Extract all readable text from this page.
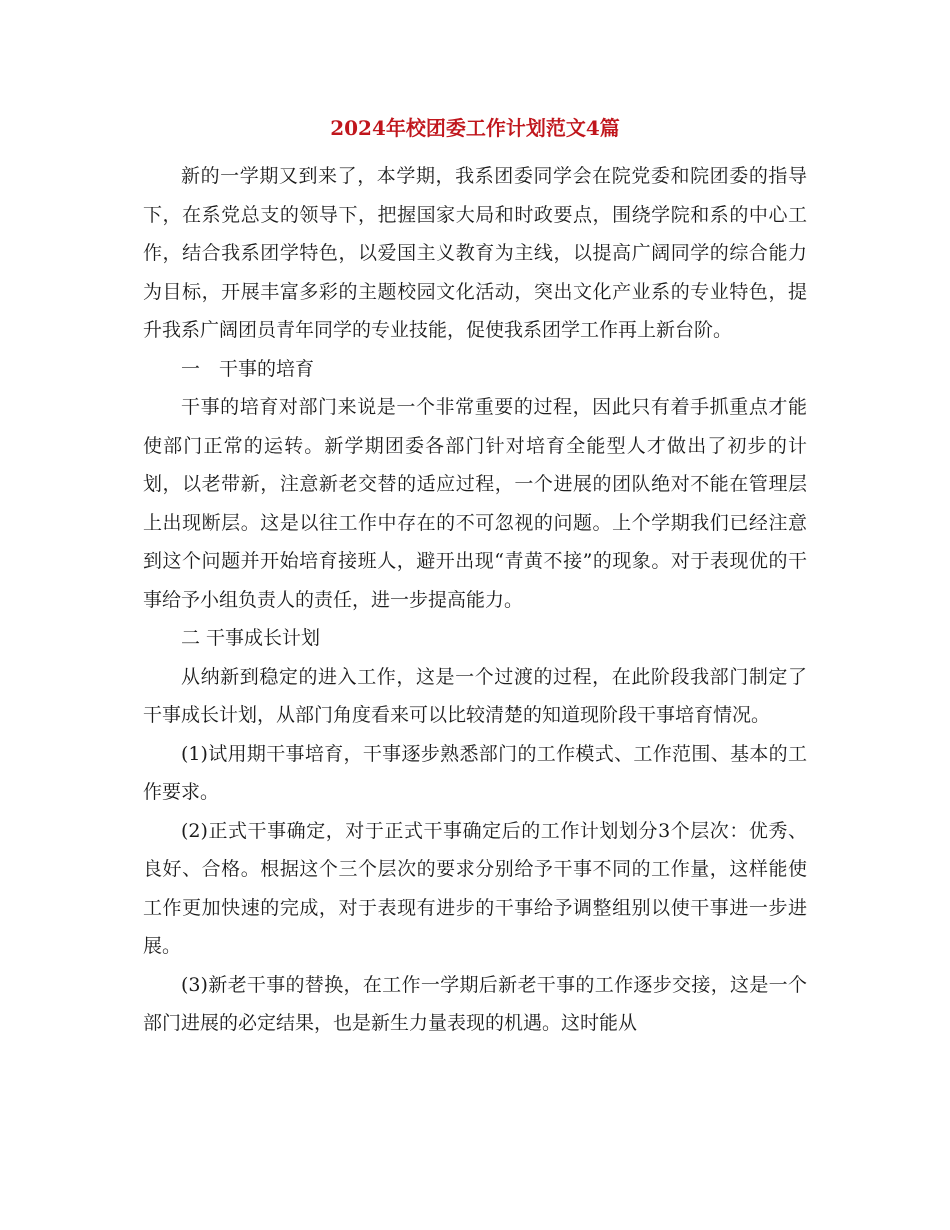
2024年校团委工作计划范文4篇

新的一学期又到来了，本学期，我系团委同学会在院党委和院团委的指导下，在系党总支的领导下，把握国家大局和时政要点，围绕学院和系的中心工作，结合我系团学特色，以爱国主义教育为主线，以提高广阔同学的综合能力为目标，开展丰富多彩的主题校园文化活动，突出文化产业系的专业特色，提升我系广阔团员青年同学的专业技能，促使我系团学工作再上新台阶。

一　干事的培育

干事的培育对部门来说是一个非常重要的过程，因此只有着手抓重点才能使部门正常的运转。新学期团委各部门针对培育全能型人才做出了初步的计划，以老带新，注意新老交替的适应过程，一个进展的团队绝对不能在管理层上出现断层。这是以往工作中存在的不可忽视的问题。上个学期我们已经注意到这个问题并开始培育接班人，避开出现“青黄不接”的现象。对于表现优的干事给予小组负责人的责任，进一步提高能力。

二 干事成长计划

从纳新到稳定的进入工作，这是一个过渡的过程，在此阶段我部门制定了干事成长计划，从部门角度看来可以比较清楚的知道现阶段干事培育情况。

(1)试用期干事培育，干事逐步熟悉部门的工作模式、工作范围、基本的工作要求。

(2)正式干事确定，对于正式干事确定后的工作计划划分3个层次：优秀、良好、合格。根据这个三个层次的要求分别给予干事不同的工作量，这样能使工作更加快速的完成，对于表现有进步的干事给予调整组别以使干事进一步进展。

(3)新老干事的替换，在工作一学期后新老干事的工作逐步交接，这是一个部门进展的必定结果，也是新生力量表现的机遇。这时能从
